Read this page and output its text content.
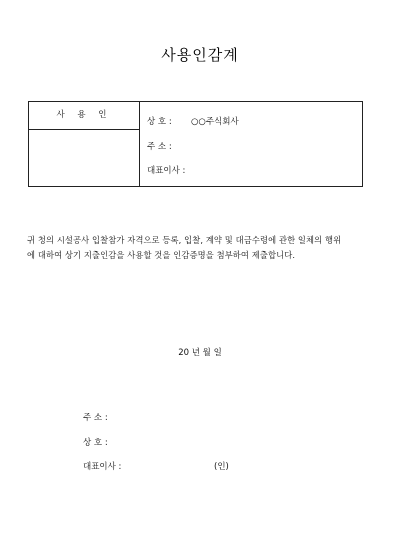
사용인감계
사 용 인
상 호 : ○○주식회사
주 소 :
대표이사 :
귀 청의 시설공사 입찰참가 자격으로 등록, 입찰, 계약 및 대금수령에 관한 일체의 행위
에 대하여 상기 지출인감을 사용할 것을 인감증명을 첨부하여 제출합니다.
20 년 월 일
주 소 :
상 호 :
대표이사 :	(인)
